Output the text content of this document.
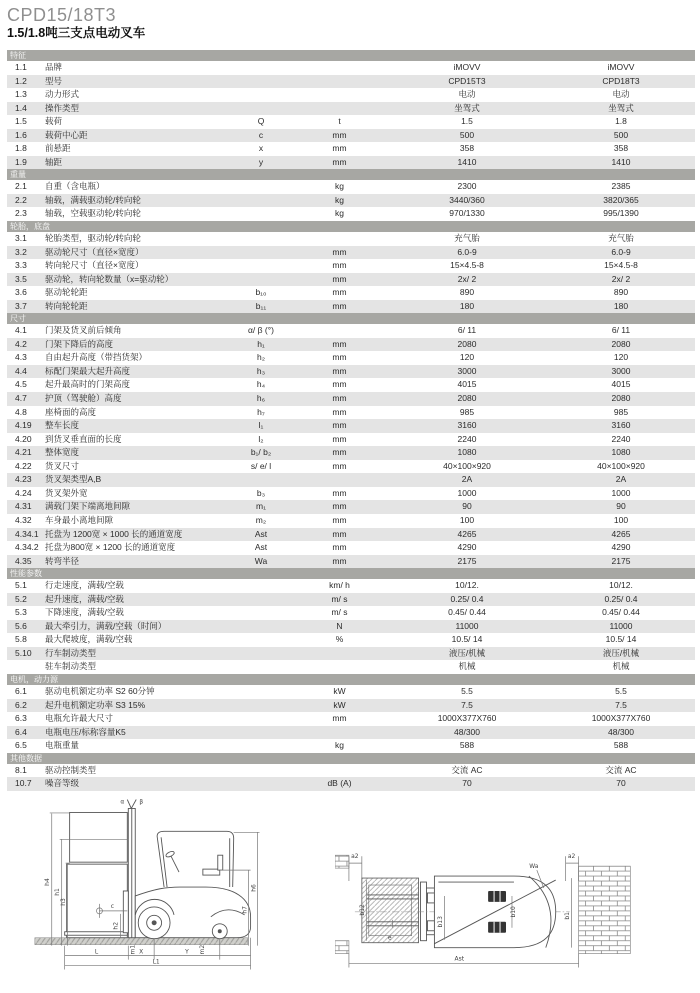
CPD15/18T3
1.5/1.8吨三支点电动叉车
特征
1.1	品牌	iMOVV	iMOVV
1.2	型号	CPD15T3	CPD18T3
1.3	动力形式	电动	电动
1.4	操作类型	坐驾式	坐驾式
1.5	载荷	Q	t	1.5	1.8
1.6	载荷中心距	c	mm	500	500
1.8	前悬距	x	mm	358	358
1.9	轴距	y	mm	1410	1410
重量
2.1	自重（含电瓶）	kg	2300	2385
2.2	轴载，满载驱动轮/转向轮	kg	3440/360	3820/365
2.3	轴载，空载驱动轮/转向轮	kg	970/1330	995/1390
轮胎，底盘
3.1	轮胎类型，驱动轮/转向轮	充气胎	充气胎
3.2	驱动轮尺寸（直径×宽度）	mm	6.0-9	6.0-9
3.3	转向轮尺寸（直径×宽度）	mm	15×4.5-8	15×4.5-8
3.5	驱动轮，转向轮数量（x=驱动轮）	mm	2x/ 2	2x/ 2
3.6	驱动轮轮距	b₁₀	mm	890	890
3.7	转向轮轮距	b₁₁	mm	180	180
尺寸
4.1	门架及货叉前后倾角	α/ β (°)	6/ 11	6/ 11
4.2	门架下降后的高度	h₁	mm	2080	2080
4.3	自由起升高度（带挡货架）	h₂	mm	120	120
4.4	标配门架最大起升高度	h₃	mm	3000	3000
4.5	起升最高时的门架高度	h₄	mm	4015	4015
4.7	护顶（驾驶舱）高度	h₆	mm	2080	2080
4.8	座椅面的高度	h₇	mm	985	985
4.19	整车长度	l₁	mm	3160	3160
4.20	到货叉垂直面的长度	l₂	mm	2240	2240
4.21	整体宽度	b₁/ b₂	mm	1080	1080
4.22	货叉尺寸	s/ e/ l	mm	40×100×920	40×100×920
4.23	货叉架类型A,B	2A	2A
4.24	货叉架外宽	b₃	mm	1000	1000
4.31	满载门架下端离地间隙	m₁	mm	90	90
4.32	车身最小离地间隙	m₂	mm	100	100
4.34.1 托盘为 1200宽 × 1000 长的通道宽度	Ast	mm	4265	4265
4.34.2 托盘为800宽 × 1200 长的通道宽度	Ast	mm	4290	4290
4.35	转弯半径	Wa	mm	2175	2175
性能参数
5.1	行走速度，满载/空载	km/ h	10/12.	10/12.
5.2	起升速度，满载/空载	m/ s	0.25/ 0.4	0.25/ 0.4
5.3	下降速度，满载/空载	m/ s	0.45/ 0.44	0.45/ 0.44
5.6	最大牵引力，满载/空载（时间）	N	11000	11000
5.8	最大爬坡度，满载/空载	%	10.5/ 14	10.5/ 14
5.10	行车制动类型	液压/机械	液压/机械
驻车制动类型	机械	机械
电机，动力源
6.1	驱动电机额定功率 S2 60分钟	kW	5.5	5.5
6.2	起升电机额定功率 S3 15%	kW	7.5	7.5
6.3	电瓶允许最大尺寸	mm	1000X377X760	1000X377X760
6.4	电瓶电压/标称容量K5	48/300	48/300
6.5	电瓶重量	kg	588	588
其他数据
8.1	驱动控制类型	交流 AC	交流 AC
10.7	噪音等级	dB (A)	70	70
h4
h1
h3
α	β
h2
c
h6
h7
m1	m2
L	X	Y
L1
a2
b12
e
b10
b13
Wa
a2
b1
Ast
